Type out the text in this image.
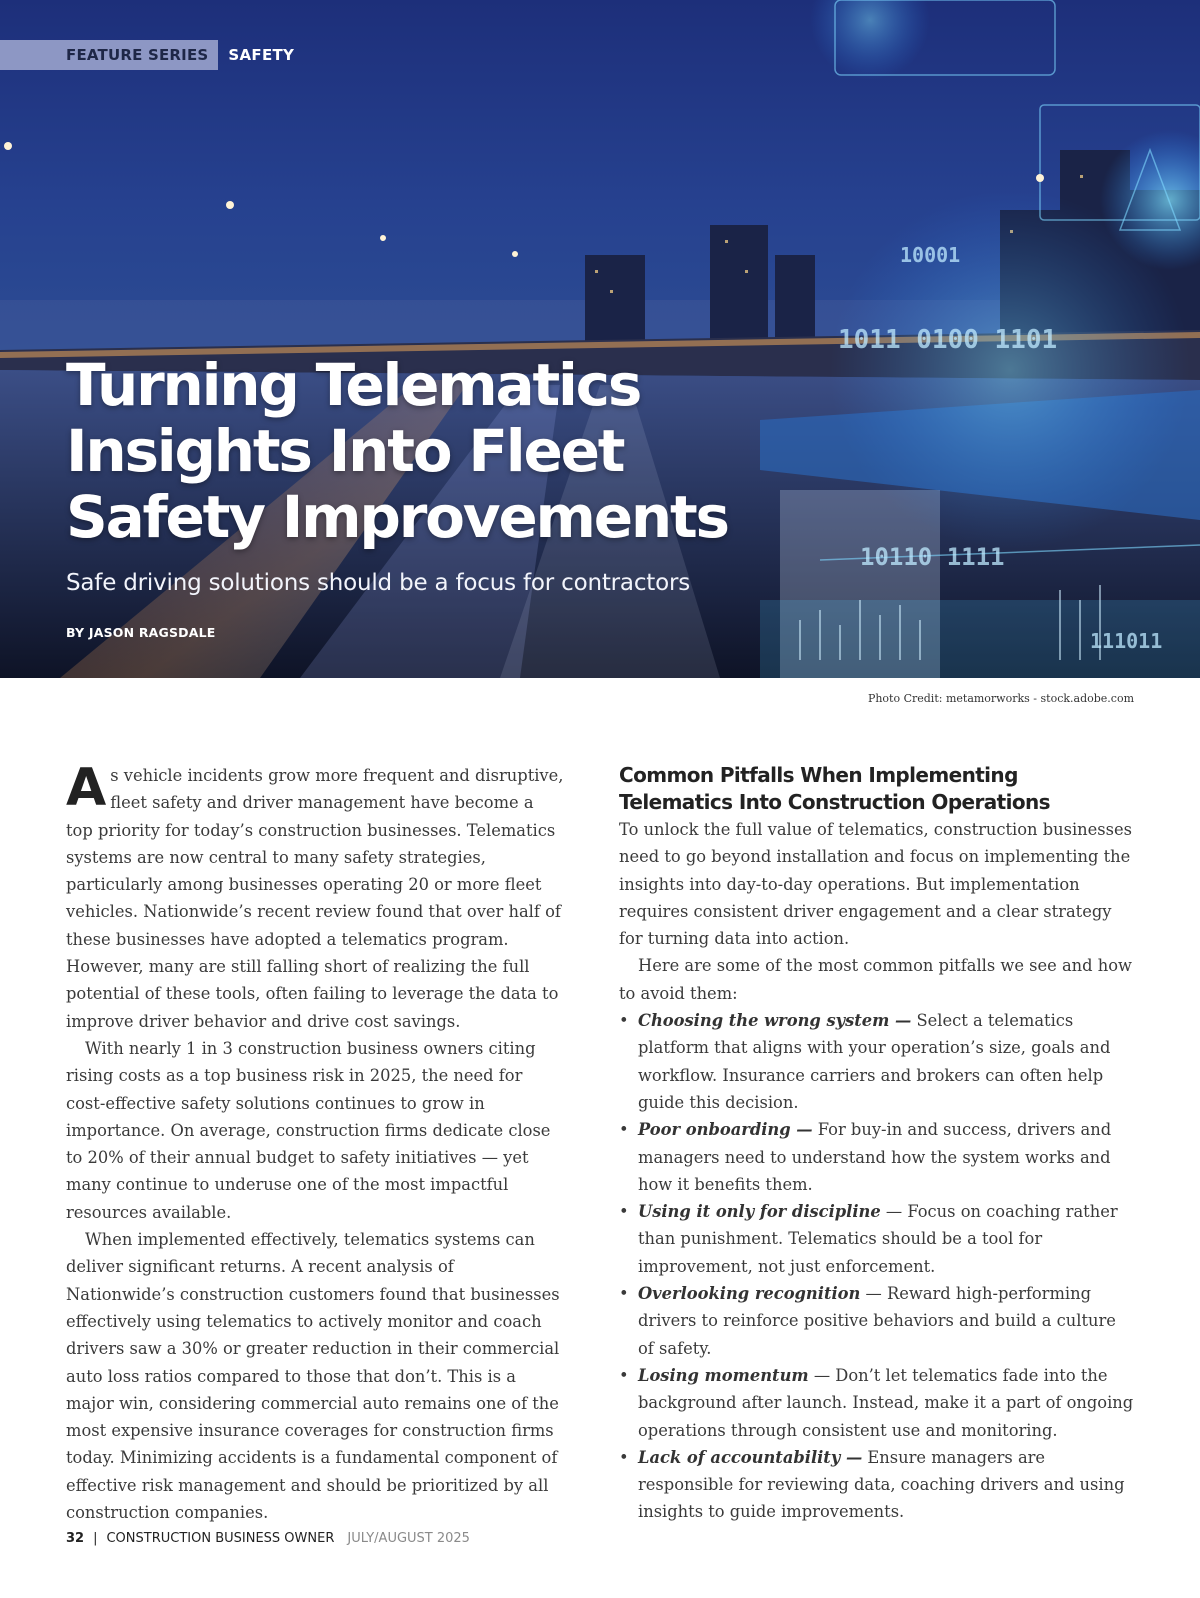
10001
1011 0100 1101
10110 1111
111011
FEATURE SERIES	SAFETY
Turning Telematics Insights Into Fleet Safety Improvements

Safe driving solutions should be a focus for contractors

BY JASON RAGSDALE

Photo Credit: metamorworks - stock.adobe.com

As vehicle incidents grow more frequent and disruptive, fleet safety and driver management have become a top priority for today’s construction businesses. Telematics systems are now central to many safety strategies, particularly among businesses operating 20 or more fleet vehicles. Nationwide’s recent review found that over half of these businesses have adopted a telematics program. However, many are still falling short of realizing the full potential of these tools, often failing to leverage the data to improve driver behavior and drive cost savings.

With nearly 1 in 3 construction business owners citing rising costs as a top business risk in 2025, the need for cost-effective safety solutions continues to grow in importance. On average, construction firms dedicate close to 20% of their annual budget to safety initiatives — yet many continue to underuse one of the most impactful resources available.

When implemented effectively, telematics systems can deliver significant returns. A recent analysis of Nationwide’s construction customers found that businesses effectively using telematics to actively monitor and coach drivers saw a 30% or greater reduction in their commercial auto loss ratios compared to those that don’t. This is a major win, considering commercial auto remains one of the most expensive insurance coverages for construction firms today. Minimizing accidents is a fundamental component of effective risk management and should be prioritized by all construction companies.

Common Pitfalls When Implementing Telematics Into Construction Operations

To unlock the full value of telematics, construction businesses need to go beyond installation and focus on implementing the insights into day-to-day operations. But implementation requires consistent driver engagement and a clear strategy for turning data into action.

Here are some of the most common pitfalls we see and how to avoid them:

• Choosing the wrong system — Select a telematics platform that aligns with your operation’s size, goals and workflow. Insurance carriers and brokers can often help guide this decision.
• Poor onboarding — For buy-in and success, drivers and managers need to understand how the system works and how it benefits them.
• Using it only for discipline — Focus on coaching rather than punishment. Telematics should be a tool for improvement, not just enforcement.
• Overlooking recognition — Reward high-performing drivers to reinforce positive behaviors and build a culture of safety.
• Losing momentum — Don’t let telematics fade into the background after launch. Instead, make it a part of ongoing operations through consistent use and monitoring.
• Lack of accountability — Ensure managers are responsible for reviewing data, coaching drivers and using insights to guide improvements.
32 | CONSTRUCTION BUSINESS OWNER JULY/AUGUST 2025
